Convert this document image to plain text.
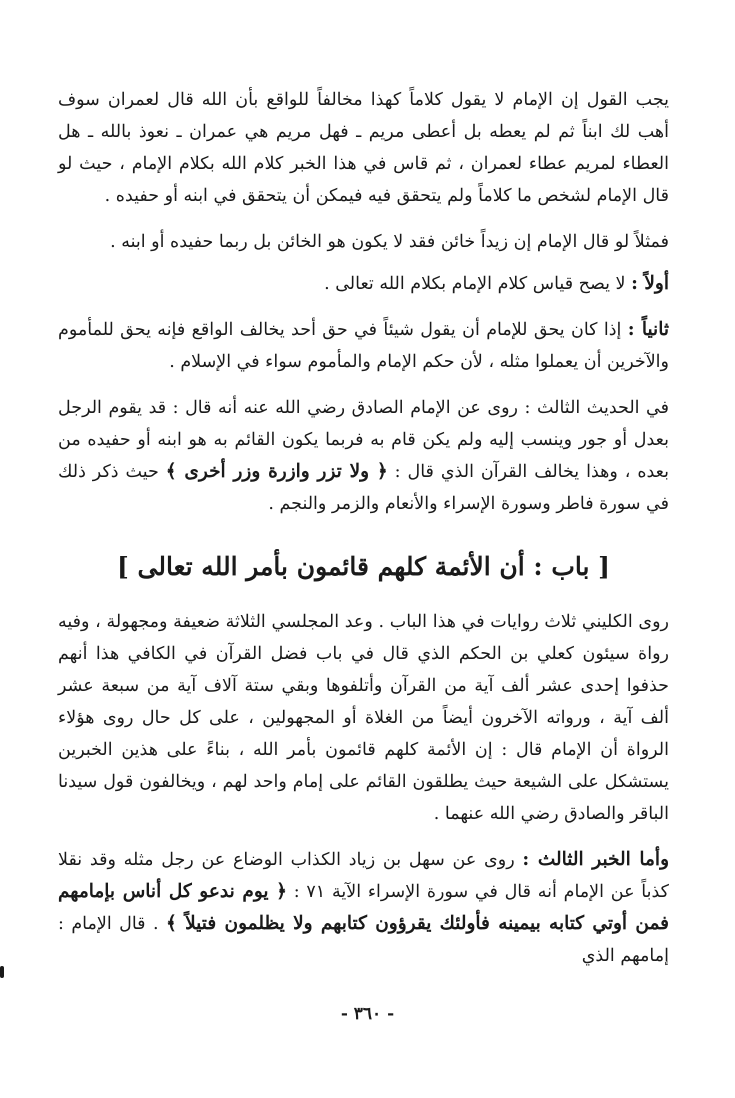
يجب القول إن الإمام لا يقول كلاماً كهذا مخالفاً للواقع بأن الله قال لعمران سوف أهب لك ابناً ثم لم يعطه بل أعطى مريم ـ فهل مريم هي عمران ـ نعوذ بالله ـ هل العطاء لمريم عطاء لعمران ، ثم قاس في هذا الخبر كلام الله بكلام الإمام ، حيث لو قال الإمام لشخص ما كلاماً ولم يتحقق فيه فيمكن أن يتحقق في ابنه أو حفيده .

فمثلاً لو قال الإمام إن زيداً خائن فقد لا يكون هو الخائن بل ربما حفيده أو ابنه .

أولاً : لا يصح قياس كلام الإمام بكلام الله تعالى .

ثانياً : إذا كان يحق للإمام أن يقول شيئاً في حق أحد يخالف الواقع فإنه يحق للمأموم والآخرين أن يعملوا مثله ، لأن حكم الإمام والمأموم سواء في الإسلام .

في الحديث الثالث : روى عن الإمام الصادق رضي الله عنه أنه قال : قد يقوم الرجل بعدل أو جور وينسب إليه ولم يكن قام به فربما يكون القائم به هو ابنه أو حفيده من بعده ، وهذا يخالف القرآن الذي قال : ﴿ ولا تزر وازرة وزر أخرى ﴾ حيث ذكر ذلك في سورة فاطر وسورة الإسراء والأنعام والزمر والنجم .

[ باب : أن الأئمة كلهم قائمون بأمر الله تعالى ]

روى الكليني ثلاث روايات في هذا الباب . وعد المجلسي الثلاثة ضعيفة ومجهولة ، وفيه رواة سيئون كعلي بن الحكم الذي قال في باب فضل القرآن في الكافي هذا أنهم حذفوا إحدى عشر ألف آية من القرآن وأتلفوها وبقي ستة آلاف آية من سبعة عشر ألف آية ، ورواته الآخرون أيضاً من الغلاة أو المجهولين ، على كل حال روى هؤلاء الرواة أن الإمام قال : إن الأئمة كلهم قائمون بأمر الله ، بناءً على هذين الخبرين يستشكل على الشيعة حيث يطلقون القائم على إمام واحد لهم ، ويخالفون قول سيدنا الباقر والصادق رضي الله عنهما .

وأما الخبر الثالث : روى عن سهل بن زياد الكذاب الوضاع عن رجل مثله وقد نقلا كذباً عن الإمام أنه قال في سورة الإسراء الآية ٧١ : ﴿ يوم ندعو كل أناس بإمامهم فمن أوتي كتابه بيمينه فأولئك يقرؤون كتابهم ولا يظلمون فتيلاً ﴾ . قال الإمام : إمامهم الذي

- ٣٦٠ -
